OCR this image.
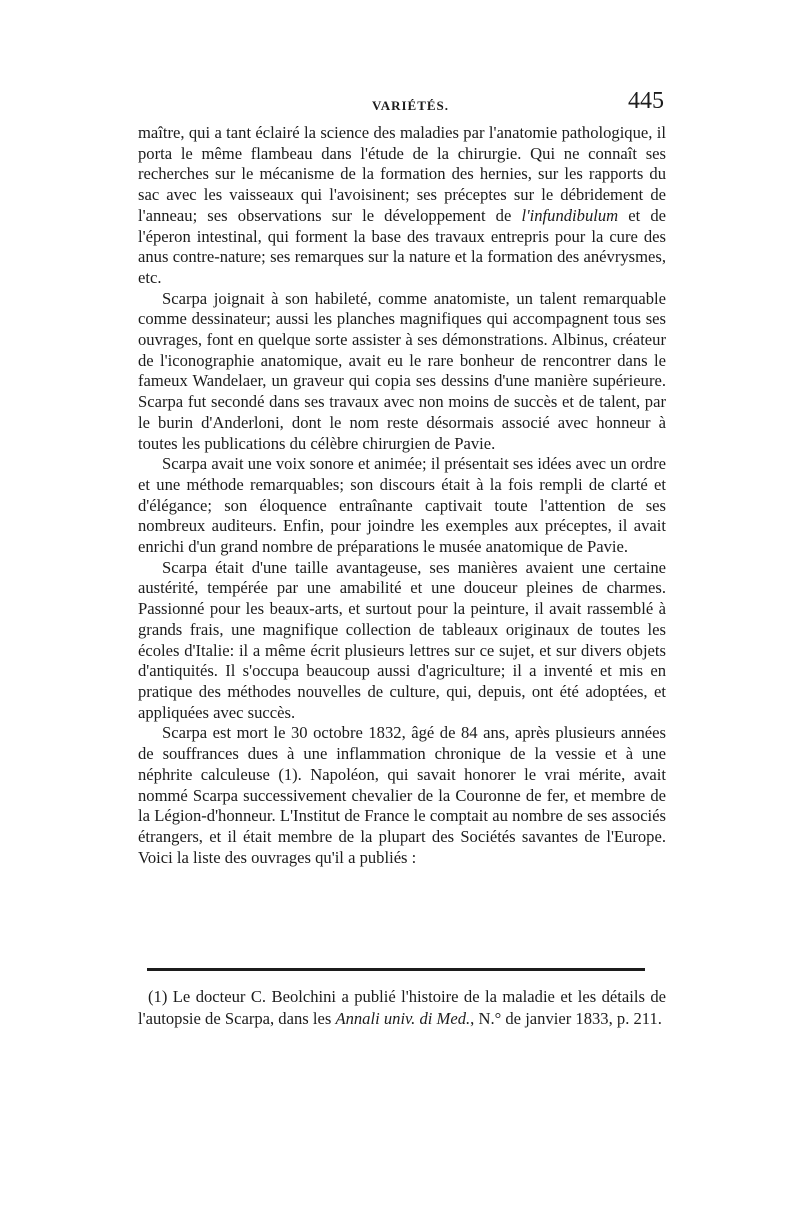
VARIÉTÉS.	445

maître, qui a tant éclairé la science des maladies par l'anatomie pathologique, il porta le même flambeau dans l'étude de la chirurgie. Qui ne connaît ses recherches sur le mécanisme de la formation des hernies, sur les rapports du sac avec les vaisseaux qui l'avoisinent; ses préceptes sur le débridement de l'anneau; ses observations sur le développement de l'infundibulum et de l'éperon intestinal, qui forment la base des travaux entrepris pour la cure des anus contre-nature; ses remarques sur la nature et la formation des anévrysmes, etc.

Scarpa joignait à son habileté, comme anatomiste, un talent remarquable comme dessinateur; aussi les planches magnifiques qui accompagnent tous ses ouvrages, font en quelque sorte assister à ses démonstrations. Albinus, créateur de l'iconographie anatomique, avait eu le rare bonheur de rencontrer dans le fameux Wandelaer, un graveur qui copia ses dessins d'une manière supérieure. Scarpa fut secondé dans ses travaux avec non moins de succès et de talent, par le burin d'Anderloni, dont le nom reste désormais associé avec honneur à toutes les publications du célèbre chirurgien de Pavie.

Scarpa avait une voix sonore et animée; il présentait ses idées avec un ordre et une méthode remarquables; son discours était à la fois rempli de clarté et d'élégance; son éloquence entraînante captivait toute l'attention de ses nombreux auditeurs. Enfin, pour joindre les exemples aux préceptes, il avait enrichi d'un grand nombre de préparations le musée anatomique de Pavie.

Scarpa était d'une taille avantageuse, ses manières avaient une certaine austérité, tempérée par une amabilité et une douceur pleines de charmes. Passionné pour les beaux-arts, et surtout pour la peinture, il avait rassemblé à grands frais, une magnifique collection de tableaux originaux de toutes les écoles d'Italie: il a même écrit plusieurs lettres sur ce sujet, et sur divers objets d'antiquités. Il s'occupa beaucoup aussi d'agriculture; il a inventé et mis en pratique des méthodes nouvelles de culture, qui, depuis, ont été adoptées, et appliquées avec succès.

Scarpa est mort le 30 octobre 1832, âgé de 84 ans, après plusieurs années de souffrances dues à une inflammation chronique de la vessie et à une néphrite calculeuse (1). Napoléon, qui savait honorer le vrai mérite, avait nommé Scarpa successivement chevalier de la Couronne de fer, et membre de la Légion-d'honneur. L'Institut de France le comptait au nombre de ses associés étrangers, et il était membre de la plupart des Sociétés savantes de l'Europe. Voici la liste des ouvrages qu'il a publiés :

(1) Le docteur C. Beolchini a publié l'histoire de la maladie et les détails de l'autopsie de Scarpa, dans les Annali univ. di Med., N.° de janvier 1833, p. 211.
